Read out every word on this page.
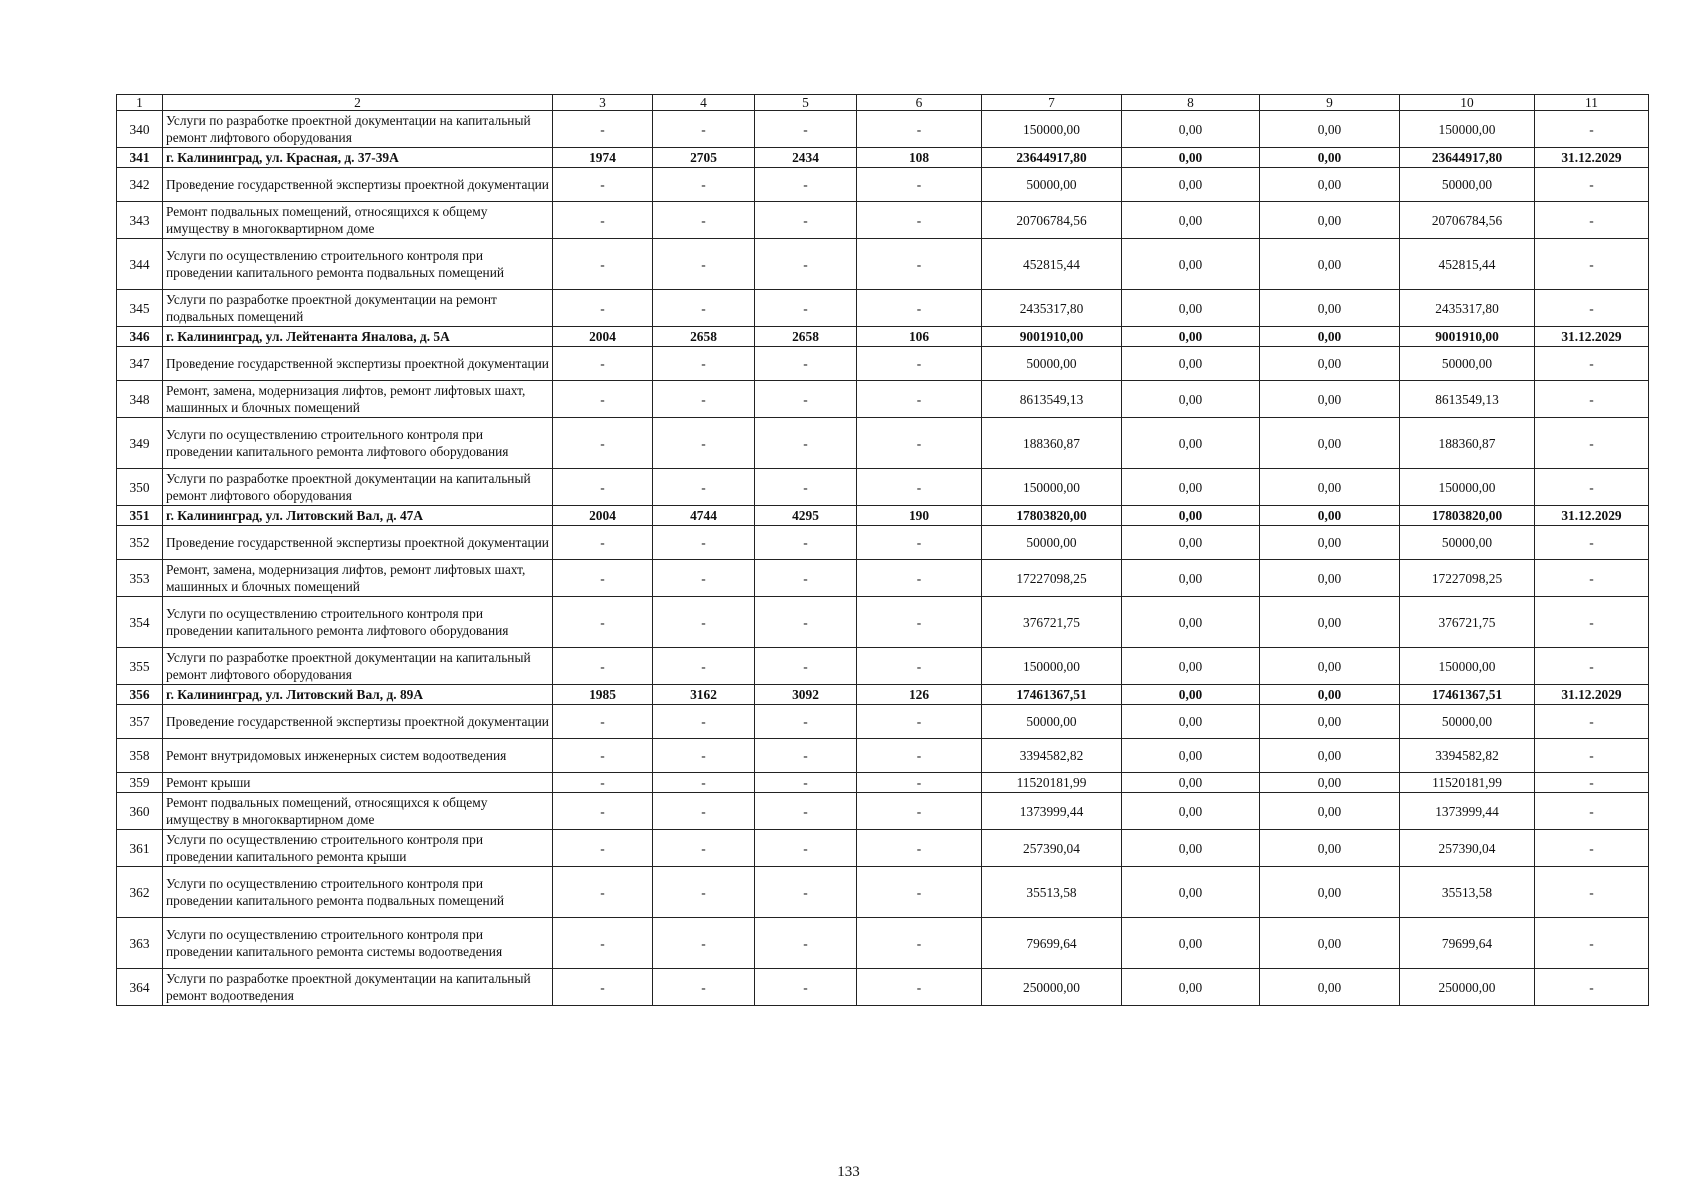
1	2	3	4	5	6	7	8	9	10	11
340	Услуги по разработке проектной документации на капитальный ремонт лифтового оборудования	-	-	-	-	150000,00	0,00	0,00	150000,00	-
341	г. Калининград, ул. Красная, д. 37-39А	1974	2705	2434	108	23644917,80	0,00	0,00	23644917,80	31.12.2029
342	Проведение государственной экспертизы проектной документации	-	-	-	-	50000,00	0,00	0,00	50000,00	-
343	Ремонт подвальных помещений, относящихся к общему имуществу в многоквартирном доме	-	-	-	-	20706784,56	0,00	0,00	20706784,56	-
344	Услуги по осуществлению строительного контроля при проведении капитального ремонта подвальных помещений	-	-	-	-	452815,44	0,00	0,00	452815,44	-
345	Услуги по разработке проектной документации на ремонт подвальных помещений	-	-	-	-	2435317,80	0,00	0,00	2435317,80	-
346	г. Калининград, ул. Лейтенанта Яналова, д. 5А	2004	2658	2658	106	9001910,00	0,00	0,00	9001910,00	31.12.2029
347	Проведение государственной экспертизы проектной документации	-	-	-	-	50000,00	0,00	0,00	50000,00	-
348	Ремонт, замена, модернизация лифтов, ремонт лифтовых шахт, машинных и блочных помещений	-	-	-	-	8613549,13	0,00	0,00	8613549,13	-
349	Услуги по осуществлению строительного контроля при проведении капитального ремонта лифтового оборудования	-	-	-	-	188360,87	0,00	0,00	188360,87	-
350	Услуги по разработке проектной документации на капитальный ремонт лифтового оборудования	-	-	-	-	150000,00	0,00	0,00	150000,00	-
351	г. Калининград, ул. Литовский Вал, д. 47А	2004	4744	4295	190	17803820,00	0,00	0,00	17803820,00	31.12.2029
352	Проведение государственной экспертизы проектной документации	-	-	-	-	50000,00	0,00	0,00	50000,00	-
353	Ремонт, замена, модернизация лифтов, ремонт лифтовых шахт, машинных и блочных помещений	-	-	-	-	17227098,25	0,00	0,00	17227098,25	-
354	Услуги по осуществлению строительного контроля при проведении капитального ремонта лифтового оборудования	-	-	-	-	376721,75	0,00	0,00	376721,75	-
355	Услуги по разработке проектной документации на капитальный ремонт лифтового оборудования	-	-	-	-	150000,00	0,00	0,00	150000,00	-
356	г. Калининград, ул. Литовский Вал, д. 89А	1985	3162	3092	126	17461367,51	0,00	0,00	17461367,51	31.12.2029
357	Проведение государственной экспертизы проектной документации	-	-	-	-	50000,00	0,00	0,00	50000,00	-
358	Ремонт внутридомовых инженерных систем водоотведения	-	-	-	-	3394582,82	0,00	0,00	3394582,82	-
359	Ремонт крыши	-	-	-	-	11520181,99	0,00	0,00	11520181,99	-
360	Ремонт подвальных помещений, относящихся к общему имуществу в многоквартирном доме	-	-	-	-	1373999,44	0,00	0,00	1373999,44	-
361	Услуги по осуществлению строительного контроля при проведении капитального ремонта крыши	-	-	-	-	257390,04	0,00	0,00	257390,04	-
362	Услуги по осуществлению строительного контроля при проведении капитального ремонта подвальных помещений	-	-	-	-	35513,58	0,00	0,00	35513,58	-
363	Услуги по осуществлению строительного контроля при проведении капитального ремонта системы водоотведения	-	-	-	-	79699,64	0,00	0,00	79699,64	-
364	Услуги по разработке проектной документации на капитальный ремонт водоотведения	-	-	-	-	250000,00	0,00	0,00	250000,00	-
133
